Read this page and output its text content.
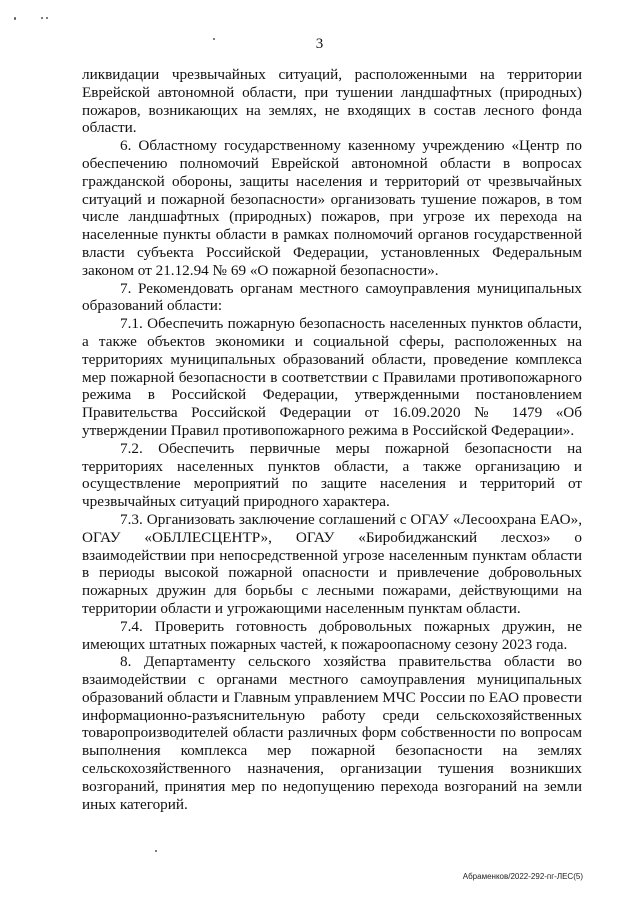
3

ликвидации чрезвычайных ситуаций, расположенными на территории Еврейской автономной области, при тушении ландшафтных (природных) пожаров, возникающих на землях, не входящих в состав лесного фонда области.

6. Областному государственному казенному учреждению «Центр по обеспечению полномочий Еврейской автономной области в вопросах гражданской обороны, защиты населения и территорий от чрезвычайных ситуаций и пожарной безопасности» организовать тушение пожаров, в том числе ландшафтных (природных) пожаров, при угрозе их перехода на населенные пункты области в рамках полномочий органов государственной власти субъекта Российской Федерации, установленных Федеральным законом от 21.12.94 № 69 «О пожарной безопасности».

7. Рекомендовать органам местного самоуправления муниципальных образований области:

7.1. Обеспечить пожарную безопасность населенных пунктов области, а также объектов экономики и социальной сферы, расположенных на территориях муниципальных образований области, проведение комплекса мер пожарной безопасности в соответствии с Правилами противопожарного режима в Российской Федерации, утвержденными постановлением Правительства Российской Федерации от 16.09.2020 № 1479 «Об утверждении Правил противопожарного режима в Российской Федерации».

7.2. Обеспечить первичные меры пожарной безопасности на территориях населенных пунктов области, а также организацию и осуществление мероприятий по защите населения и территорий от чрезвычайных ситуаций природного характера.

7.3. Организовать заключение соглашений с ОГАУ «Лесоохрана ЕАО», ОГАУ «ОБЛЛЕСЦЕНТР», ОГАУ «Биробиджанский лесхоз» о взаимодействии при непосредственной угрозе населенным пунктам области в периоды высокой пожарной опасности и привлечение добровольных пожарных дружин для борьбы с лесными пожарами, действующими на территории области и угрожающими населенным пунктам области.

7.4. Проверить готовность добровольных пожарных дружин, не имеющих штатных пожарных частей, к пожароопасному сезону 2023 года.

8. Департаменту сельского хозяйства правительства области во взаимодействии с органами местного самоуправления муниципальных образований области и Главным управлением МЧС России по ЕАО провести информационно-разъяснительную работу среди сельскохозяйственных товаропроизводителей области различных форм собственности по вопросам выполнения комплекса мер пожарной безопасности на землях сельскохозяйственного назначения, организации тушения возникших возгораний, принятия мер по недопущению перехода возгораний на земли иных категорий.

Абраменков/2022-292-пг-ЛЕС(5)
